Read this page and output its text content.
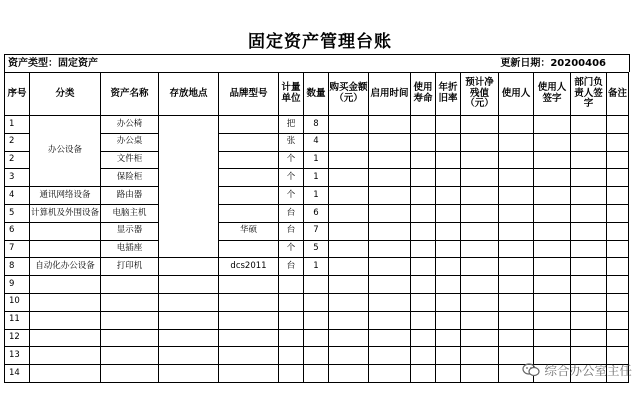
固定资产管理台账
资产类型：固定资产	更新日期：20200406
序号	分类	资产名称	存放地点	品牌型号	计量单位	数量	购买金额（元）	启用时间	使用寿命	年折旧率	预计净残值（元）	使用人	使用人签字	部门负责人签字	备注
1	办公设备	办公椅			把	8									
2		办公桌			张	4									
2		文件柜			个	1									
3		保险柜			个	1									
4	通讯网络设备	路由器			个	1									
5	计算机及外围设备	电脑主机			台	6									
6		显示器		华硕	台	7									
7		电插座			个	5									
8	自动化办公设备	打印机		dcs2011	台	1									
9															
10															
11															
12															
13															
14																综合办公室主任
